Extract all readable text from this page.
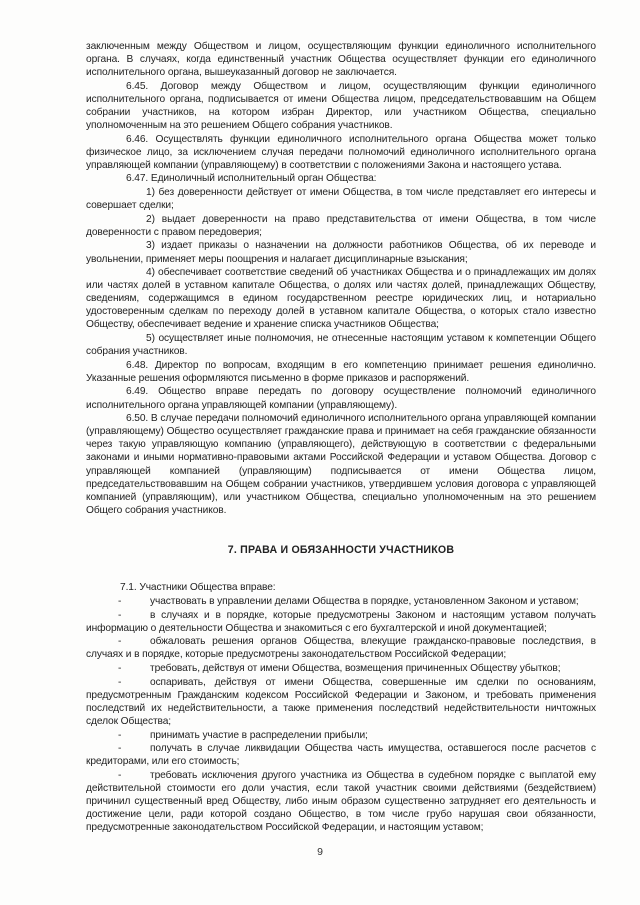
заключенным между Обществом и лицом, осуществляющим функции единоличного исполнительного органа. В случаях, когда единственный участник Общества осуществляет функции его единоличного исполнительного органа, вышеуказанный договор не заключается.

6.45. Договор между Обществом и лицом, осуществляющим функции единоличного исполнительного органа, подписывается от имени Общества лицом, председательствовавшим на Общем собрании участников, на котором избран Директор, или участником Общества, специально уполномоченным на это решением Общего собрания участников.

6.46. Осуществлять функции единоличного исполнительного органа Общества может только физическое лицо, за исключением случая передачи полномочий единоличного исполнительного органа управляющей компании (управляющему) в соответствии с положениями Закона и настоящего устава.

6.47. Единоличный исполнительный орган Общества:

1) без доверенности действует от имени Общества, в том числе представляет его интересы и совершает сделки;

2) выдает доверенности на право представительства от имени Общества, в том числе доверенности с правом передоверия;

3) издает приказы о назначении на должности работников Общества, об их переводе и увольнении, применяет меры поощрения и налагает дисциплинарные взыскания;

4) обеспечивает соответствие сведений об участниках Общества и о принадлежащих им долях или частях долей в уставном капитале Общества, о долях или частях долей, принадлежащих Обществу, сведениям, содержащимся в едином государственном реестре юридических лиц, и нотариально удостоверенным сделкам по переходу долей в уставном капитале Общества, о которых стало известно Обществу, обеспечивает ведение и хранение списка участников Общества;

5) осуществляет иные полномочия, не отнесенные настоящим уставом к компетенции Общего собрания участников.

6.48. Директор по вопросам, входящим в его компетенцию принимает решения единолично. Указанные решения оформляются письменно в форме приказов и распоряжений.

6.49. Общество вправе передать по договору осуществление полномочий единоличного исполнительного органа управляющей компании (управляющему).

6.50. В случае передачи полномочий единоличного исполнительного органа управляющей компании (управляющему) Общество осуществляет гражданские права и принимает на себя гражданские обязанности через такую управляющую компанию (управляющего), действующую в соответствии с федеральными законами и иными нормативно-правовыми актами Российской Федерации и уставом Общества. Договор с управляющей компанией (управляющим) подписывается от имени Общества лицом, председательствовавшим на Общем собрании участников, утвердившем условия договора с управляющей компанией (управляющим), или участником Общества, специально уполномоченным на это решением Общего собрания участников.

7. ПРАВА И ОБЯЗАННОСТИ УЧАСТНИКОВ

7.1. Участники Общества вправе:

-	участвовать в управлении делами Общества в порядке, установленном Законом и уставом;

-	в случаях и в порядке, которые предусмотрены Законом и настоящим уставом получать информацию о деятельности Общества и знакомиться с его бухгалтерской и иной документацией;

-	обжаловать решения органов Общества, влекущие гражданско-правовые последствия, в случаях и в порядке, которые предусмотрены законодательством Российской Федерации;

-	требовать, действуя от имени Общества, возмещения причиненных Обществу убытков;

-	оспаривать, действуя от имени Общества, совершенные им сделки по основаниям, предусмотренным Гражданским кодексом Российской Федерации и Законом, и требовать применения последствий их недействительности, а также применения последствий недействительности ничтожных сделок Общества;

-	принимать участие в распределении прибыли;

-	получать в случае ликвидации Общества часть имущества, оставшегося после расчетов с кредиторами, или его стоимость;

-	требовать исключения другого участника из Общества в судебном порядке с выплатой ему действительной стоимости его доли участия, если такой участник своими действиями (бездействием) причинил существенный вред Обществу, либо иным образом существенно затрудняет его деятельность и достижение цели, ради которой создано Общество, в том числе грубо нарушая свои обязанности, предусмотренные законодательством Российской Федерации, и настоящим уставом;

9
